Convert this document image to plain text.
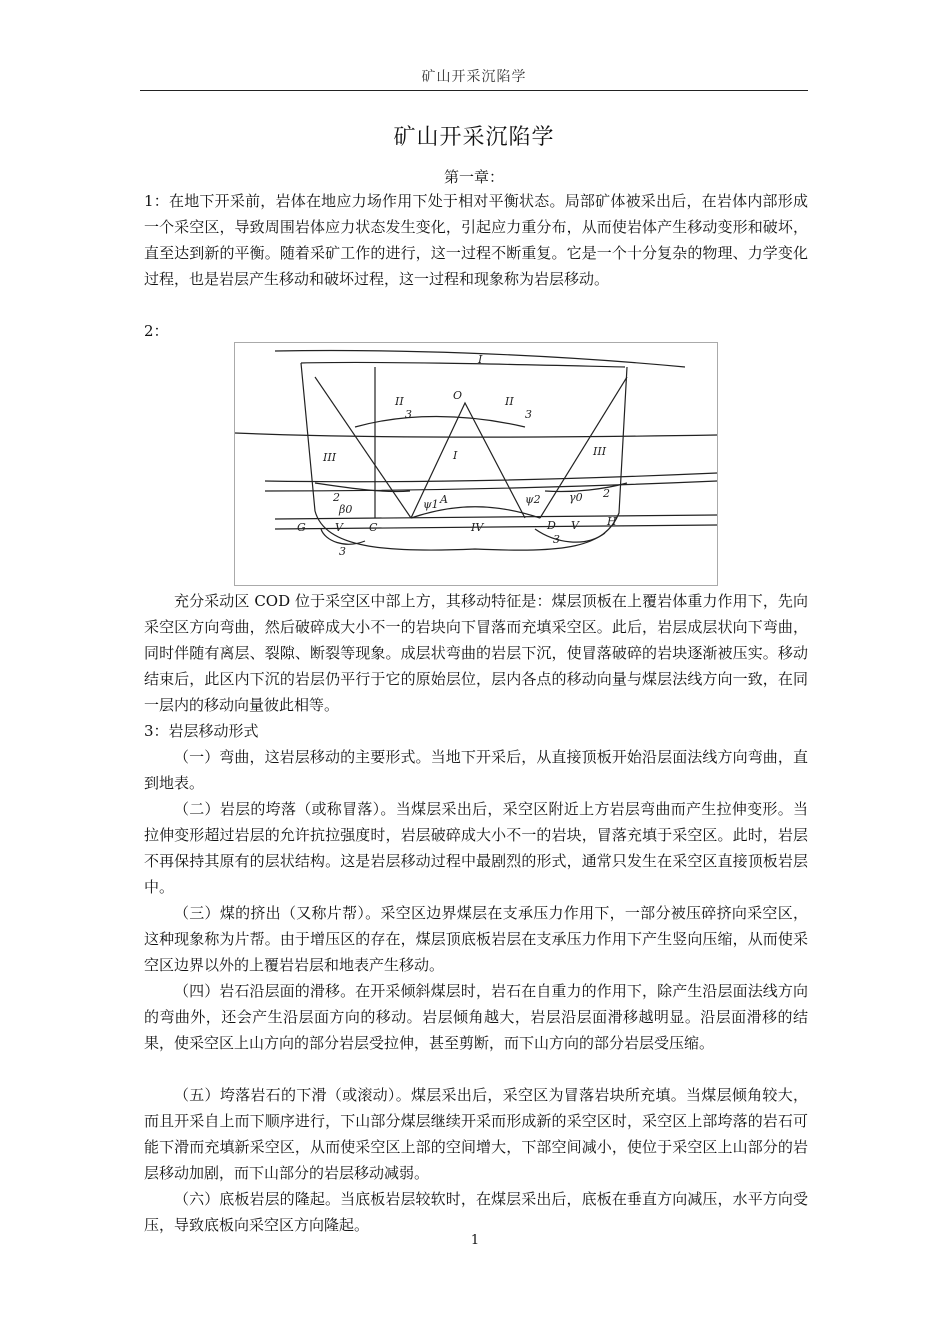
矿山开采沉陷学
矿山开采沉陷学
第一章：
1：在地下开采前，岩体在地应力场作用下处于相对平衡状态。局部矿体被采出后，在岩体内部形成一个采空区，导致周围岩体应力状态发生变化，引起应力重分布，从而使岩体产生移动变形和破坏，直至达到新的平衡。随着采矿工作的进行，这一过程不断重复。它是一个十分复杂的物理、力学变化过程，也是岩层产生移动和破坏过程，这一过程和现象称为岩层移动。
2：
I
II
3
O	II
3
III	I	III
2
β0	ψ1 A	ψ2	γ0 2
G	V C	IV	D V	H
3
3
充分采动区 COD 位于采空区中部上方，其移动特征是：煤层顶板在上覆岩体重力作用下，先向采空区方向弯曲，然后破碎成大小不一的岩块向下冒落而充填采空区。此后，岩层成层状向下弯曲，同时伴随有离层、裂隙、断裂等现象。成层状弯曲的岩层下沉，使冒落破碎的岩块逐渐被压实。移动结束后，此区内下沉的岩层仍平行于它的原始层位，层内各点的移动向量与煤层法线方向一致，在同一层内的移动向量彼此相等。
3：岩层移动形式
（一）弯曲，这岩层移动的主要形式。当地下开采后，从直接顶板开始沿层面法线方向弯曲，直到地表。
（二）岩层的垮落（或称冒落）。当煤层采出后，采空区附近上方岩层弯曲而产生拉伸变形。当拉伸变形超过岩层的允许抗拉强度时，岩层破碎成大小不一的岩块，冒落充填于采空区。此时，岩层不再保持其原有的层状结构。这是岩层移动过程中最剧烈的形式，通常只发生在采空区直接顶板岩层中。
（三）煤的挤出（又称片帮）。采空区边界煤层在支承压力作用下，一部分被压碎挤向采空区，这种现象称为片帮。由于增压区的存在，煤层顶底板岩层在支承压力作用下产生竖向压缩，从而使采空区边界以外的上覆岩岩层和地表产生移动。
（四）岩石沿层面的滑移。在开采倾斜煤层时，岩石在自重力的作用下，除产生沿层面法线方向的弯曲外，还会产生沿层面方向的移动。岩层倾角越大，岩层沿层面滑移越明显。沿层面滑移的结果，使采空区上山方向的部分岩层受拉伸，甚至剪断，而下山方向的部分岩层受压缩。
（五）垮落岩石的下滑（或滚动）。煤层采出后，采空区为冒落岩块所充填。当煤层倾角较大，而且开采自上而下顺序进行，下山部分煤层继续开采而形成新的采空区时，采空区上部垮落的岩石可能下滑而充填新采空区，从而使采空区上部的空间增大，下部空间减小，使位于采空区上山部分的岩层移动加剧，而下山部分的岩层移动减弱。
（六）底板岩层的隆起。当底板岩层较软时，在煤层采出后，底板在垂直方向减压，水平方向受压，导致底板向采空区方向隆起。
1
